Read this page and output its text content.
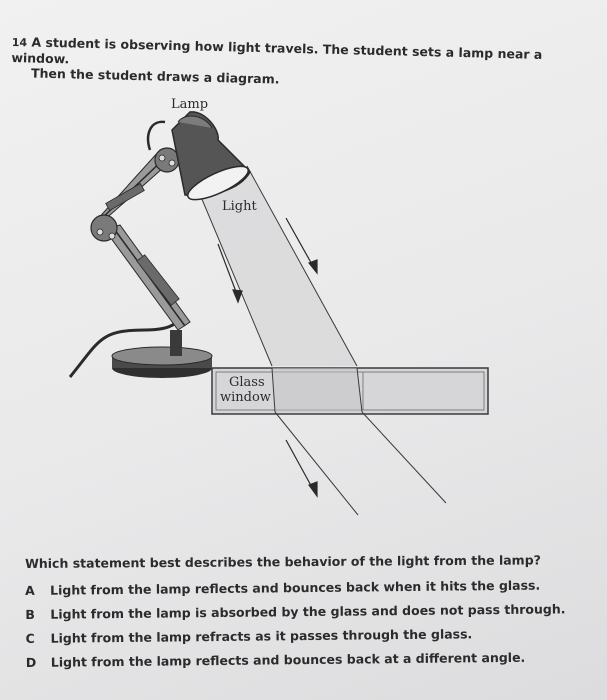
14 A student is observing how light travels. The student sets a lamp near a window.
Then the student draws a diagram.
Lamp
Light
Glass
window
Which statement best describes the behavior of the light from the lamp?
A	Light from the lamp reflects and bounces back when it hits the glass.
B	Light from the lamp is absorbed by the glass and does not pass through.
C	Light from the lamp refracts as it passes through the glass.
D	Light from the lamp reflects and bounces back at a different angle.
